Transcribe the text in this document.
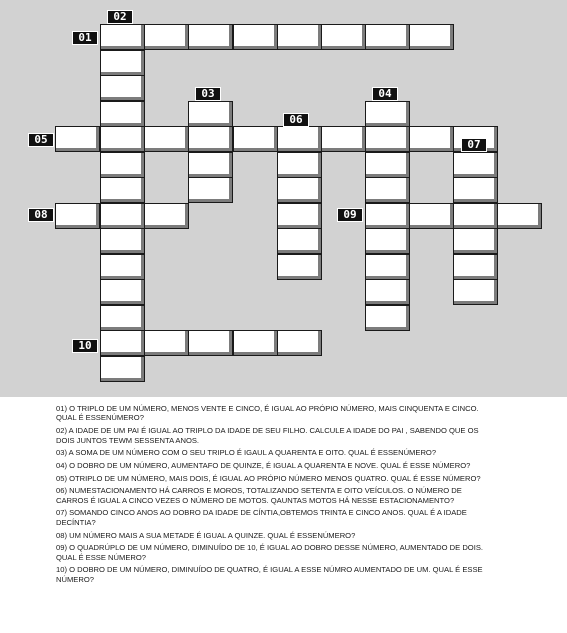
02
01
03	04
05
06
07
08	09
10
01) O TRIPLO DE UM NÚMERO, MENOS VENTE E CINCO, É IGUAL AO PRÓPIO NÚMERO, MAIS CINQUENTA E CINCO. QUAL É ESSENÚMERO?
02) A IDADE DE UM PAI É IGUAL AO TRIPLO DA IDADE DE SEU FILHO. CALCULE A IDADE DO PAI , SABENDO QUE OS DOIS JUNTOS TEWM SESSENTA ANOS.
03) A SOMA DE UM NÚMERO COM O SEU TRIPLO É IGAUL A QUARENTA E OITO. QUAL É ESSENÚMERO?
04) O DOBRO DE UM NÚMERO, AUMENTAFO DE QUINZE, É IGUAL A QUARENTA E NOVE. QUAL É ESSE NÚMERO?
05) OTRIPLO DE UM NÚMERO, MAIS DOIS, É IGUAL AO PRÓPIO NÚMERO MENOS QUATRO. QUAL É ESSE NÚMERO?
06) NUMESTACIONAMENTO HÁ CARROS E MOROS, TOTALIZANDO SETENTA E OITO VEÍCULOS. O NÚMERO DE CARROS É IGUAL A CINCO VEZES O NÚMERO DE MOTOS. QAUNTAS MOTOS HÁ NESSE ESTACIONAMENTO?
07) SOMANDO CINCO ANOS AO DOBRO DA IDADE DE CÍNTIA,OBTEMOS TRINTA E CINCO ANOS. QUAL É A IDADE DECÍNTIA?
08) UM NÚMERO MAIS A SUA METADE É IGUAL A QUINZE. QUAL É ESSENÚMERO?
09) O QUADRÚPLO DE UM NÚMERO, DIMINUÍDO DE 10, É IGUAL AO DOBRO DESSE NÚMERO, AUMENTADO DE DOIS. QUAL É ESSE NÚMERO?
10) O DOBRO DE UM NÚMERO, DIMINUÍDO DE QUATRO, É IGUAL A ESSE NÚMRO AUMENTADO DE UM. QUAL É ESSE NÚMERO?
